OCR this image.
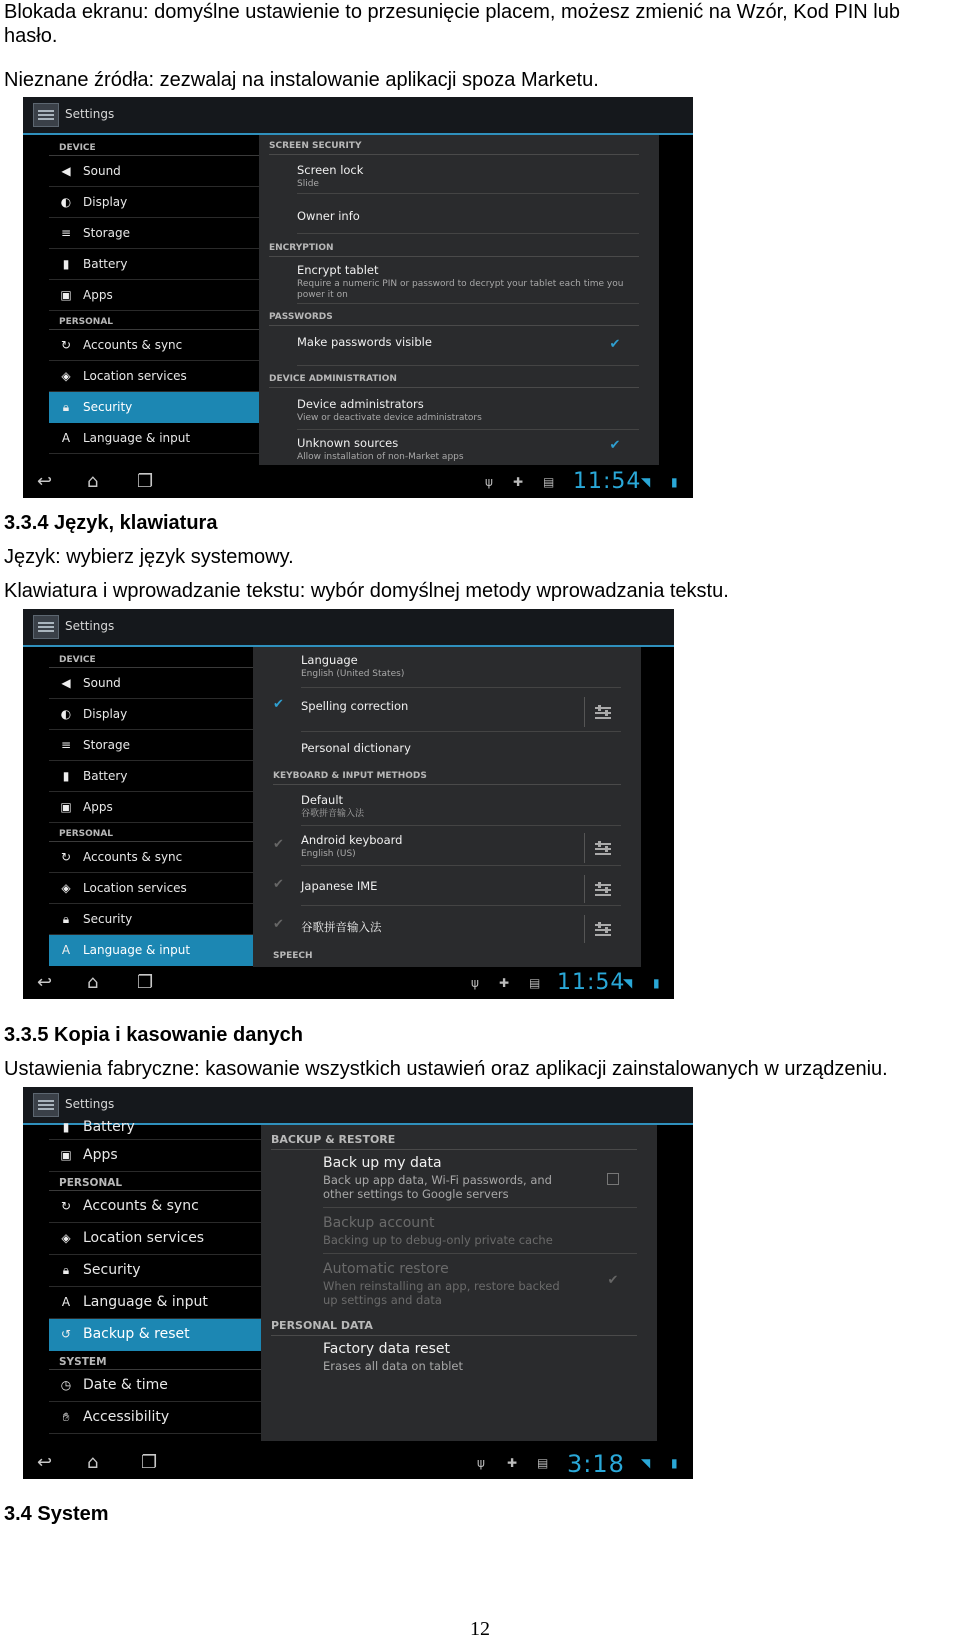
Blokada ekranu: domyślne ustawienie to przesunięcie placem, możesz zmienić na Wzór, Kod PIN lub hasło.
Nieznane źródła: zezwalaj na instalowanie aplikacji spoza Marketu.
Settings
DEVICE
◀ Sound
◐ Display
≡ Storage
▮	Battery
▣ Apps
PERSONAL
↻ Accounts & sync
◈ Location services
🔒︎	Security
A Language & input
SCREEN SECURITY
Screen lock
Slide
Owner info
ENCRYPTION
Encrypt tablet
Require a numeric PIN or password to decrypt your tablet each time you power it on
PASSWORDS
Make passwords visible	✔
DEVICE ADMINISTRATION
Device administrators
View or deactivate device administrators
Unknown sources
Allow installation of non-Market apps
✔
↩ ⌂ ❐	ψ ✚ ▤ 11:54 ◥ ▮
3.3.4 Język, klawiatura
Język: wybierz język systemowy.
Klawiatura i wprowadzanie tekstu: wybór domyślnej metody wprowadzania tekstu.
Settings
DEVICE
◀ Sound
◐ Display
≡ Storage
▮	Battery
▣ Apps
PERSONAL
↻ Accounts & sync
◈ Location services
🔒︎	Security
A Language & input
Language
English (United States)
✔ Spelling correction
Personal dictionary
KEYBOARD & INPUT METHODS
Default
谷歌拼音输入法
✔ Android keyboard
English (US)
✔ Japanese IME
✔ 谷歌拼音输入法
SPEECH
↩ ⌂ ❐	ψ ✚ ▤ 11:54
◥ ▮
3.3.5 Kopia i kasowanie danych
Ustawienia fabryczne: kasowanie wszystkich ustawień oraz aplikacji zainstalowanych w urządzeniu.
Settings
▮ Battery
▣ Apps
PERSONAL
↻ Accounts & sync
◈ Location services
🔒︎ Security
A Language & input
↺ Backup & reset
SYSTEM
◷ Date & time
✋︎ Accessibility
BACKUP & RESTORE
Back up my data
Back up app data, Wi-Fi passwords, and other settings to Google servers
Backup account
Backing up to debug-only private cache
Automatic restore
When reinstalling an app, restore backed up settings and data
✔
PERSONAL DATA
Factory data reset
Erases all data on tablet
↩ ⌂ ❐	ψ ✚ ▤ 3:18 ◥ ▮
3.4 System
12
